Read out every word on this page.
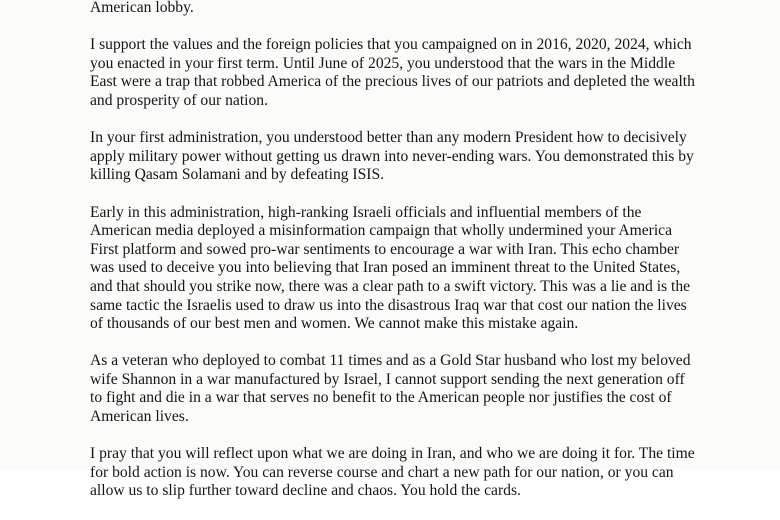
American lobby.

I support the values and the foreign policies that you campaigned on in 2016, 2020, 2024, which
you enacted in your first term. Until June of 2025, you understood that the wars in the Middle
East were a trap that robbed America of the precious lives of our patriots and depleted the wealth
and prosperity of our nation.

In your first administration, you understood better than any modern President how to decisively
apply military power without getting us drawn into never-ending wars. You demonstrated this by
killing Qasam Solamani and by defeating ISIS.

Early in this administration, high-ranking Israeli officials and influential members of the
American media deployed a misinformation campaign that wholly undermined your America
First platform and sowed pro-war sentiments to encourage a war with Iran. This echo chamber
was used to deceive you into believing that Iran posed an imminent threat to the United States,
and that should you strike now, there was a clear path to a swift victory. This was a lie and is the
same tactic the Israelis used to draw us into the disastrous Iraq war that cost our nation the lives
of thousands of our best men and women. We cannot make this mistake again.

As a veteran who deployed to combat 11 times and as a Gold Star husband who lost my beloved
wife Shannon in a war manufactured by Israel, I cannot support sending the next generation off
to fight and die in a war that serves no benefit to the American people nor justifies the cost of
American lives.

I pray that you will reflect upon what we are doing in Iran, and who we are doing it for. The time
for bold action is now. You can reverse course and chart a new path for our nation, or you can
allow us to slip further toward decline and chaos. You hold the cards.
